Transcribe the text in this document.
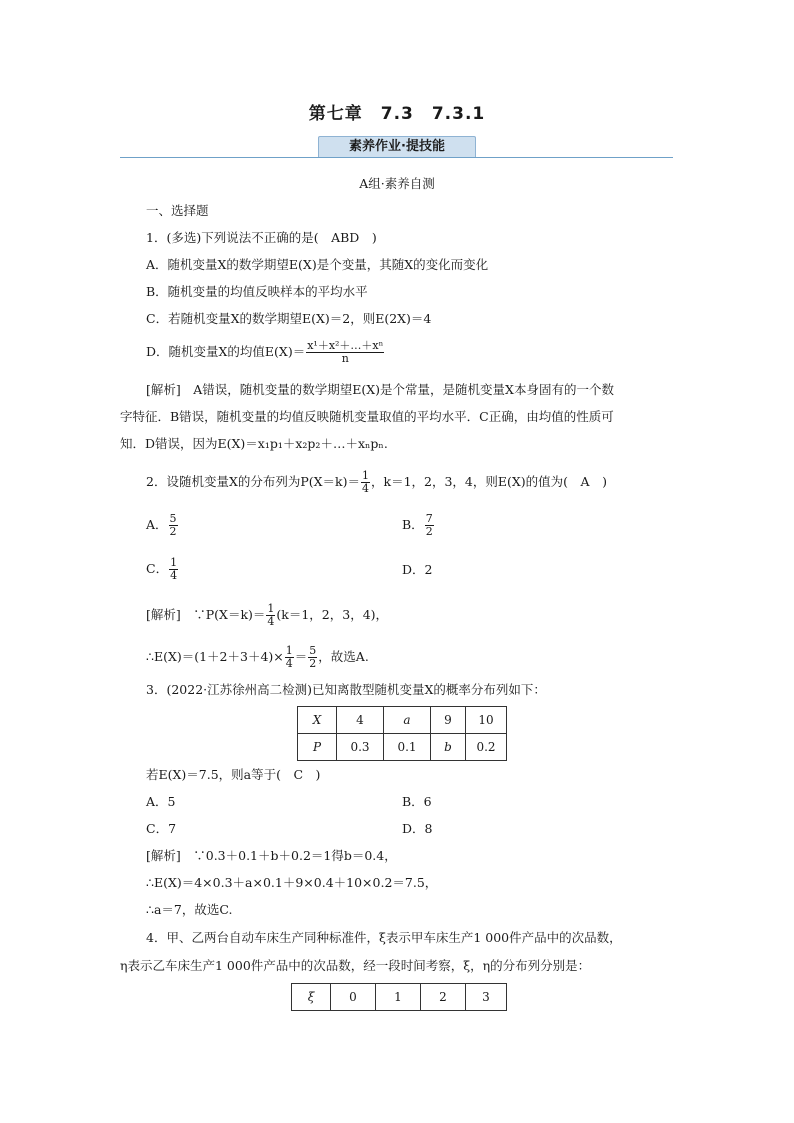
第七章　7.3　7.3.1
素养作业·提技能
A组·素养自测
一、选择题
1．(多选)下列说法不正确的是(　ABD　)
A．随机变量X的数学期望E(X)是个变量，其随X的变化而变化
B．随机变量的均值反映样本的平均水平
C．若随机变量X的数学期望E(X)＝2，则E(2X)＝4
D．随机变量X的均值$E(X)= \frac{\text{x¹＋x²＋…＋xⁿ}}{n}$
[解析]　A错误，随机变量的数学期望E(X)是个常量，是随机变量X本身固有的一个数
字特征．B错误，随机变量的均值反映随机变量取值的平均水平．C正确，由均值的性质可
知．D错误，因为E(X)＝x₁p₁＋x₂p₂＋…＋xₙpₙ.
2．设随机变量X的分布列为$P(X=k)= \frac{1}{4}$ ，k＝1，2，3，4，则E(X)的值为(　A　)
A． $\frac{5}{2}$	B． $\frac{7}{2}$
C． $\frac{1}{4}$	D．2
[解析]　∵P(X＝k)＝ $\frac{1}{4} (k=1$，2，3，4)，
∴E(X)＝(1＋2＋3＋4)× $\frac{1}{4} = \frac{5}{2}$ ，故选A.
3．(2022·江苏徐州高二检测)已知离散型随机变量X的概率分布列如下：
X	4	a	9	10
P	0.3	0.1	b	0.2
若E(X)＝7.5，则a等于(　C　)
A．5	B．6
C．7	D．8
[解析]　∵0.3＋0.1＋b＋0.2＝1得b＝0.4，
∴E(X)＝4×0.3＋a×0.1＋9×0.4＋10×0.2＝7.5，
∴a＝7，故选C.
4．甲、乙两台自动车床生产同种标准件，ξ表示甲车床生产1 000件产品中的次品数，
η表示乙车床生产1 000件产品中的次品数，经一段时间考察，ξ，η的分布列分别是：
ξ	0	1	2	3
